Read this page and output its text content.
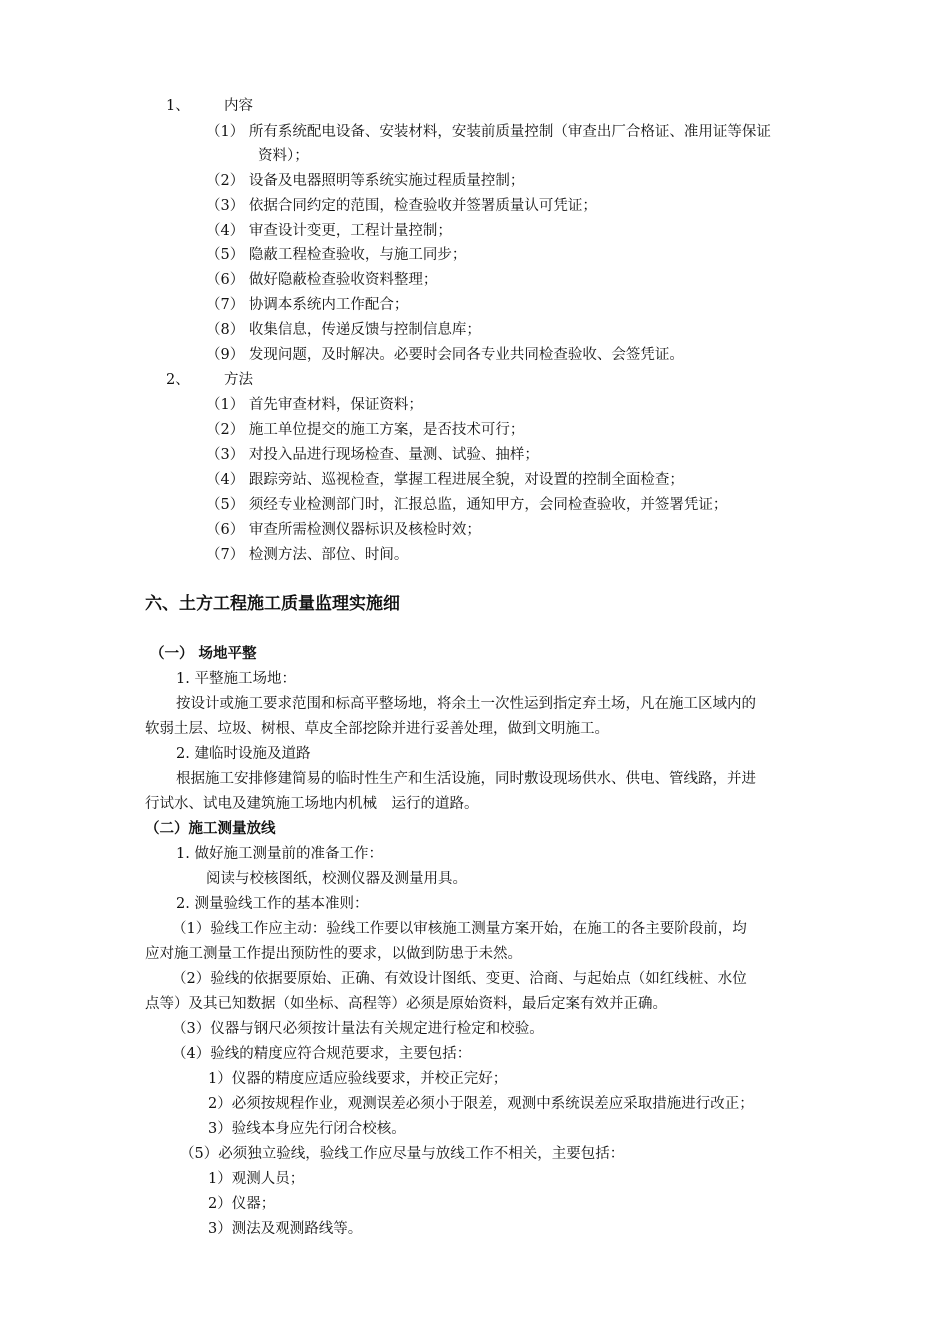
1、 内容
（1） 所有系统配电设备、安装材料，安装前质量控制（审查出厂合格证、准用证等保证
资料）；
（2） 设备及电器照明等系统实施过程质量控制；
（3） 依据合同约定的范围，检查验收并签署质量认可凭证；
（4） 审查设计变更，工程计量控制；
（5） 隐蔽工程检查验收，与施工同步；
（6） 做好隐蔽检查验收资料整理；
（7） 协调本系统内工作配合；
（8） 收集信息，传递反馈与控制信息库；
（9） 发现问题，及时解决。必要时会同各专业共同检查验收、会签凭证。
2、 方法
（1） 首先审查材料，保证资料；
（2） 施工单位提交的施工方案，是否技术可行；
（3） 对投入品进行现场检查、量测、试验、抽样；
（4） 跟踪旁站、巡视检查，掌握工程进展全貌，对设置的控制全面检查；
（5） 须经专业检测部门时，汇报总监，通知甲方，会同检查验收，并签署凭证；
（6） 审查所需检测仪器标识及核检时效；
（7） 检测方法、部位、时间。
六、土方工程施工质量监理实施细
（一） 场地平整
1. 平整施工场地：
按设计或施工要求范围和标高平整场地，将余土一次性运到指定弃土场，凡在施工区域内的
软弱土层、垃圾、树根、草皮全部挖除并进行妥善处理，做到文明施工。
2. 建临时设施及道路
根据施工安排修建简易的临时性生产和生活设施，同时敷设现场供水、供电、管线路，并进
行试水、试电及建筑施工场地内机械　运行的道路。
（二）施工测量放线
1. 做好施工测量前的准备工作：
阅读与校核图纸，校测仪器及测量用具。
2. 测量验线工作的基本准则：
（1）验线工作应主动：验线工作要以审核施工测量方案开始，在施工的各主要阶段前，均
应对施工测量工作提出预防性的要求，以做到防患于未然。
（2）验线的依据要原始、正确、有效设计图纸、变更、洽商、与起始点（如红线桩、水位
点等）及其已知数据（如坐标、高程等）必须是原始资料，最后定案有效并正确。
（3）仪器与钢尺必须按计量法有关规定进行检定和校验。
（4）验线的精度应符合规范要求，主要包括：
1）仪器的精度应适应验线要求，并校正完好；
2）必须按规程作业，观测误差必须小于限差，观测中系统误差应采取措施进行改正；
3）验线本身应先行闭合校核。
（5）必须独立验线，验线工作应尽量与放线工作不相关，主要包括：
1）观测人员；
2）仪器；
3）测法及观测路线等。
